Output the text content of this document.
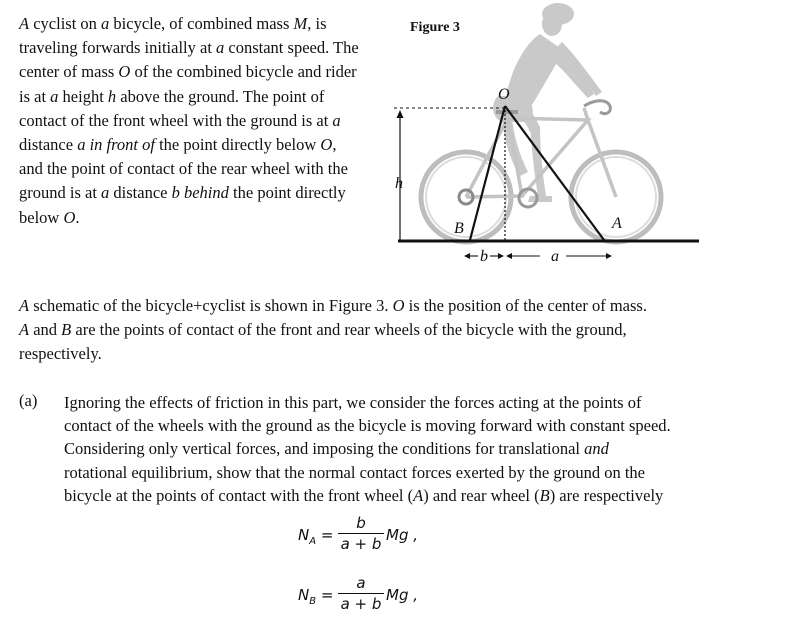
A cyclist on a bicycle, of combined mass M, is
traveling forwards initially at a constant speed. The
center of mass O of the combined bicycle and rider
is at a height h above the ground. The point of
contact of the front wheel with the ground is at a
distance a in front of the point directly below O,
and the point of contact of the rear wheel with the
ground is at a distance b behind the point directly
below O.
Figure 3
O
h
B	A
b	a
A schematic of the bicycle+cyclist is shown in Figure 3. O is the position of the center of mass.
A and B are the points of contact of the front and rear wheels of the bicycle with the ground,
respectively.
(a) Ignoring the effects of friction in this part, we consider the forces acting at the points of
contact of the wheels with the ground as the bicycle is moving forward with constant speed.
Considering only vertical forces, and imposing the conditions for translational and
rotational equilibrium, show that the normal contact forces exerted by the ground on the
bicycle at the points of contact with the front wheel (A) and rear wheel (B) are respectively
$N_A$ =
b
a + b Mg ,
$N_B$ =
a
a + b Mg ,
